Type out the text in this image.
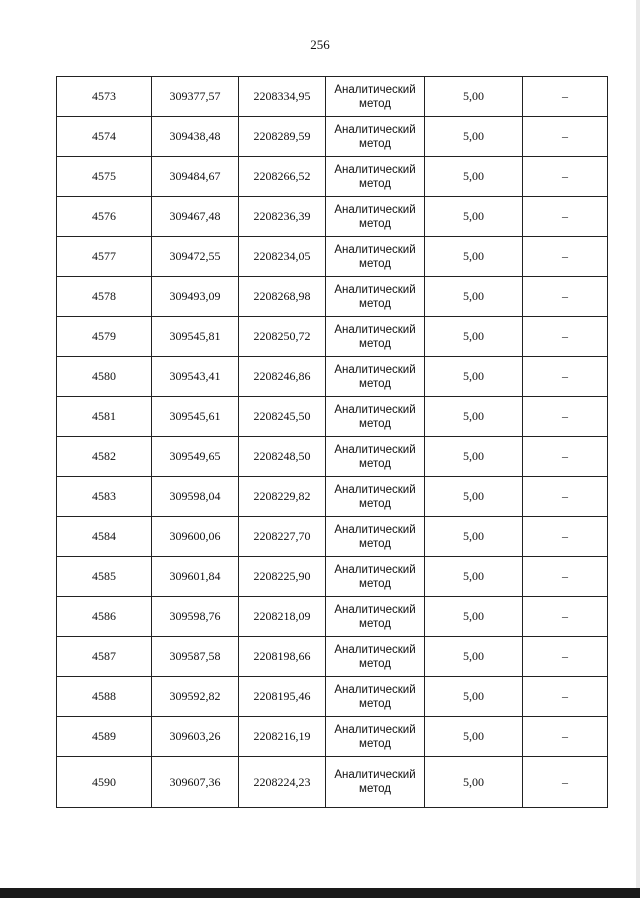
256
4573	309377,57	2208334,95	Аналитический метод	5,00	–
4574	309438,48	2208289,59	Аналитический метод	5,00	–
4575	309484,67	2208266,52	Аналитический метод	5,00	–
4576	309467,48	2208236,39	Аналитический метод	5,00	–
4577	309472,55	2208234,05	Аналитический метод	5,00	–
4578	309493,09	2208268,98	Аналитический метод	5,00	–
4579	309545,81	2208250,72	Аналитический метод	5,00	–
4580	309543,41	2208246,86	Аналитический метод	5,00	–
4581	309545,61	2208245,50	Аналитический метод	5,00	–
4582	309549,65	2208248,50	Аналитический метод	5,00	–
4583	309598,04	2208229,82	Аналитический метод	5,00	–
4584	309600,06	2208227,70	Аналитический метод	5,00	–
4585	309601,84	2208225,90	Аналитический метод	5,00	–
4586	309598,76	2208218,09	Аналитический метод	5,00	–
4587	309587,58	2208198,66	Аналитический метод	5,00	–
4588	309592,82	2208195,46	Аналитический метод	5,00	–
4589	309603,26	2208216,19	Аналитический метод	5,00	–
4590	309607,36	2208224,23	Аналитический метод	5,00	–
